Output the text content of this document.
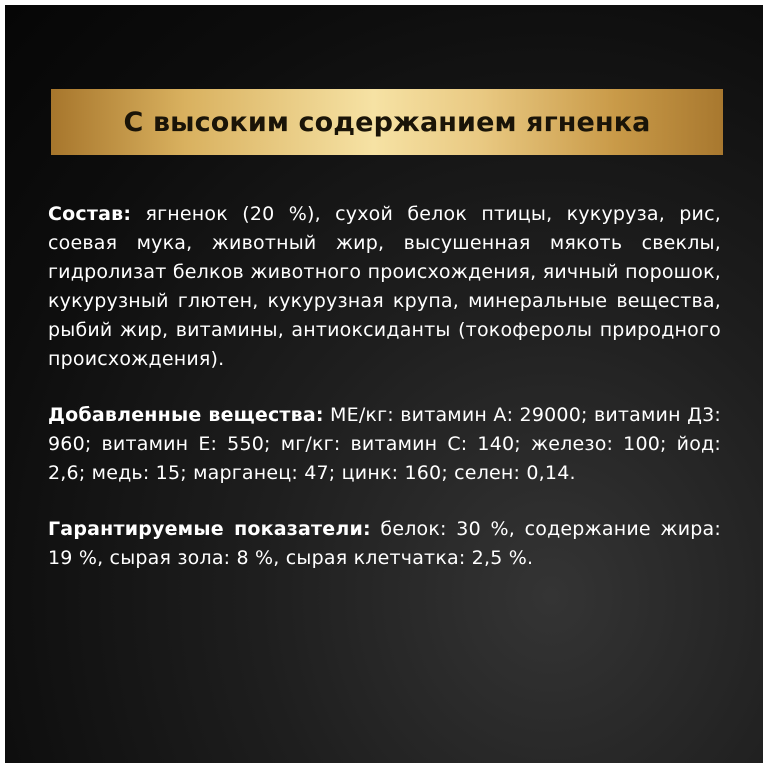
С высоким содержанием ягненка

Состав: ягненок (20 %), сухой белок птицы, кукуруза, рис, соевая мука, животный жир, высушенная мякоть свеклы, гидролизат белков животного происхождения, яичный порошок, кукурузный глютен, кукурузная крупа, минеральные вещества, рыбий жир, витамины, антиоксиданты (токоферолы природного происхождения).

Добавленные вещества: МЕ/кг: витамин А: 29000; витамин Д3: 960; витамин Е: 550; мг/кг: витамин С: 140; железо: 100; йод: 2,6; медь: 15; марганец: 47; цинк: 160; селен: 0,14.

Гарантируемые показатели: белок: 30 %, содержание жира: 19 %, сырая зола: 8 %, сырая клетчатка: 2,5 %.
